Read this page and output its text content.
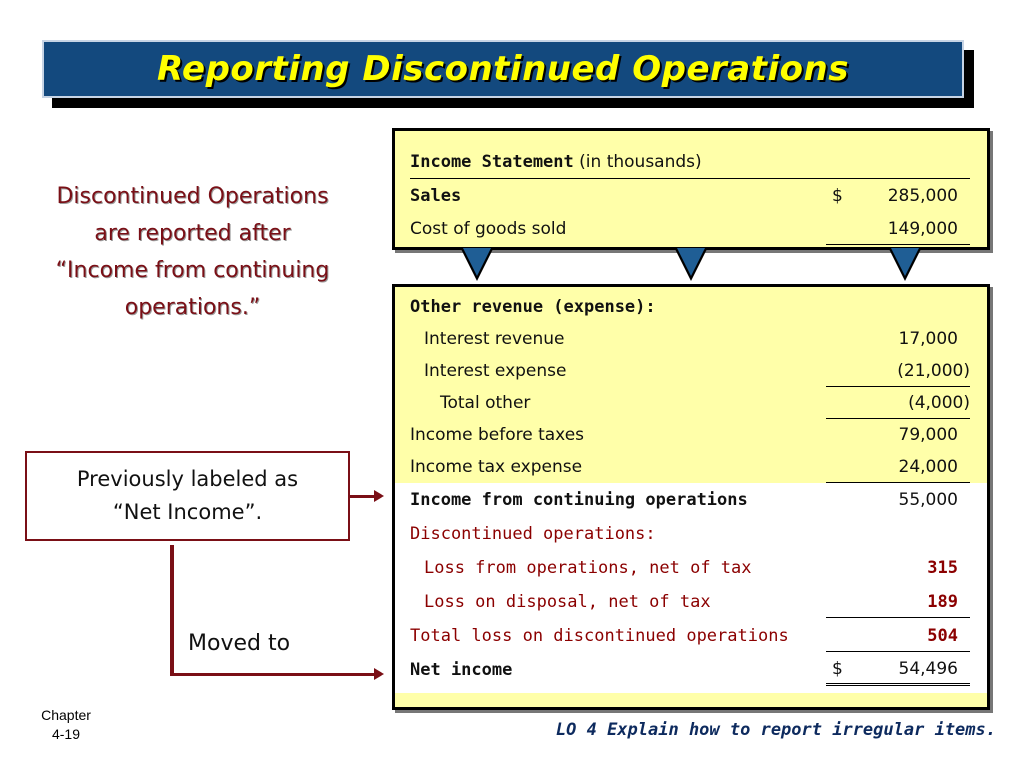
Reporting Discontinued Operations
Discontinued Operations
are reported after
“Income from continuing
operations.”
Previously labeled as
“Net Income”.
Moved to
Income Statement (in thousands)
Sales	$	285,000
Cost of goods sold	149,000
Other revenue (expense):
Interest revenue	17,000
Interest expense	(21,000)
Total other	(4,000)
Income before taxes	79,000
Income tax expense	24,000
Income from continuing operations	55,000
Discontinued operations:
Loss from operations, net of tax	315
Loss on disposal, net of tax	189
Total loss on discontinued operations	504
Net income	$	54,496
Chapter
4-19	LO 4 Explain how to report irregular items.
